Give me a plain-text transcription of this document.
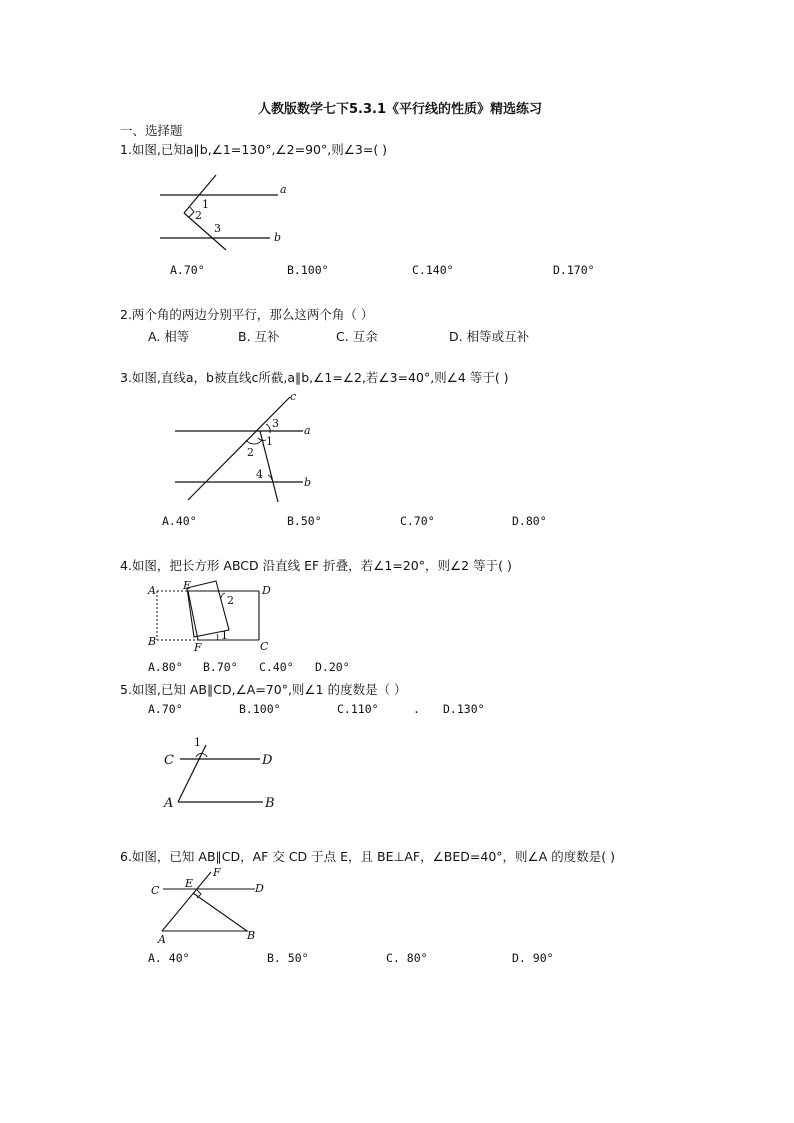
人教版数学七下5.3.1《平行线的性质》精选练习
一、选择题
1.如图,已知a∥b,∠1=130°,∠2=90°,则∠3=( )
1
2
3
a
b
A.70°	B.100°	C.140°	D.170°
2.两个角的两边分别平行，那么这两个角（ ）
A. 相等	B. 互补	C. 互余	D. 相等或互补
3.如图,直线a，b被直线c所截,a∥b,∠1=∠2,若∠3=40°,则∠4 等于( )
3
1
2
4
c
a
b
A.40°	B.50°	C.70°	D.80°
4.如图，把长方形 ABCD 沿直线 EF 折叠，若∠1=20°，则∠2 等于( )
A
B	C
D
E
F
2
1
A.80° B.70° C.40° D.20°
5.如图,已知 AB∥CD,∠A=70°,则∠1 的度数是（ ）
A.70°	B.100°	C.110°	. D.130°
1
C	D
A	B
6.如图，已知 AB∥CD，AF 交 CD 于点 E，且 BE⊥AF，∠BED=40°，则∠A 的度数是( )
C
E
F
D
A	B
A. 40°	B. 50°	C. 80°	D. 90°
